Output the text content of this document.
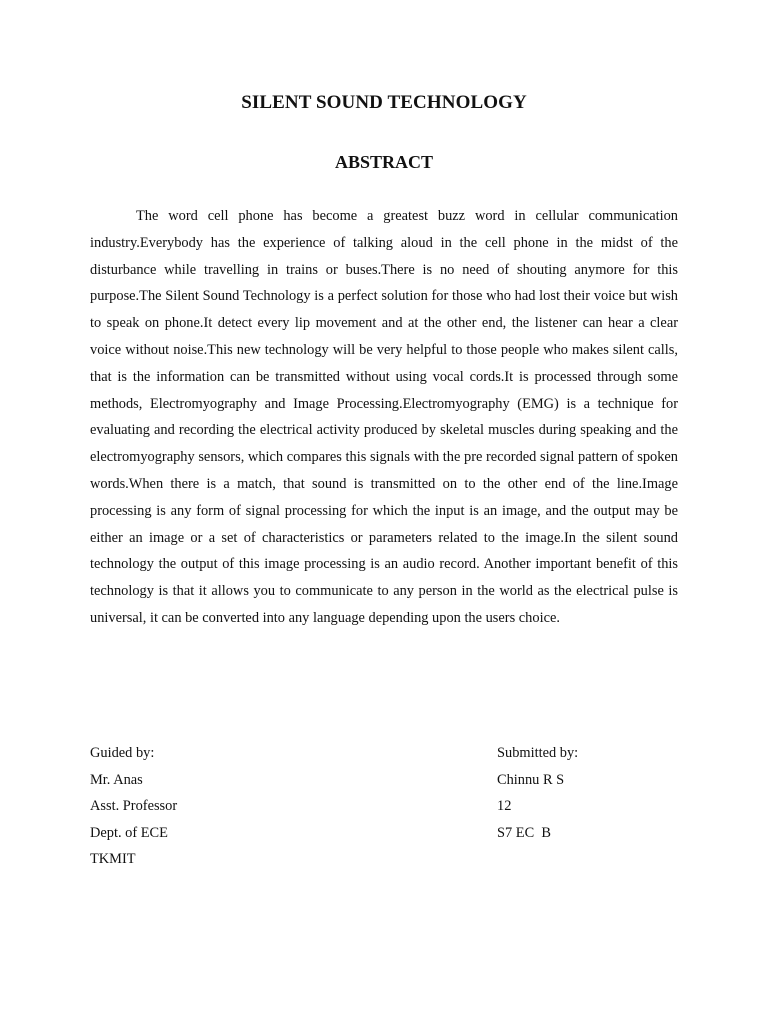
SILENT SOUND TECHNOLOGY
ABSTRACT

The word cell phone has become a greatest buzz word in cellular communication industry.Everybody has the experience of talking aloud in the cell phone in the midst of the disturbance while travelling in trains or buses.There is no need of shouting anymore for this purpose.The Silent Sound Technology is a perfect solution for those who had lost their voice but wish to speak on phone.It detect every lip movement and at the other end, the listener can hear a clear voice without noise.This new technology will be very helpful to those people who makes silent calls, that is the information can be transmitted without using vocal cords.It is processed through some methods, Electromyography and Image Processing.Electromyography (EMG) is a technique for evaluating and recording the electrical activity produced by skeletal muscles during speaking and the electromyography sensors, which compares this signals with the pre recorded signal pattern of spoken words.When there is a match, that sound is transmitted on to the other end of the line.Image processing is any form of signal processing for which the input is an image, and the output may be either an image or a set of characteristics or parameters related to the image.In the silent sound technology the output of this image processing is an audio record. Another important benefit of this technology is that it allows you to communicate to any person in the world as the electrical pulse is universal, it can be converted into any language depending upon the users choice.

Guided by:
Mr. Anas
Asst. Professor
Dept. of ECE
TKMIT
Submitted by:
Chinnu R S
12
S7 EC  B
